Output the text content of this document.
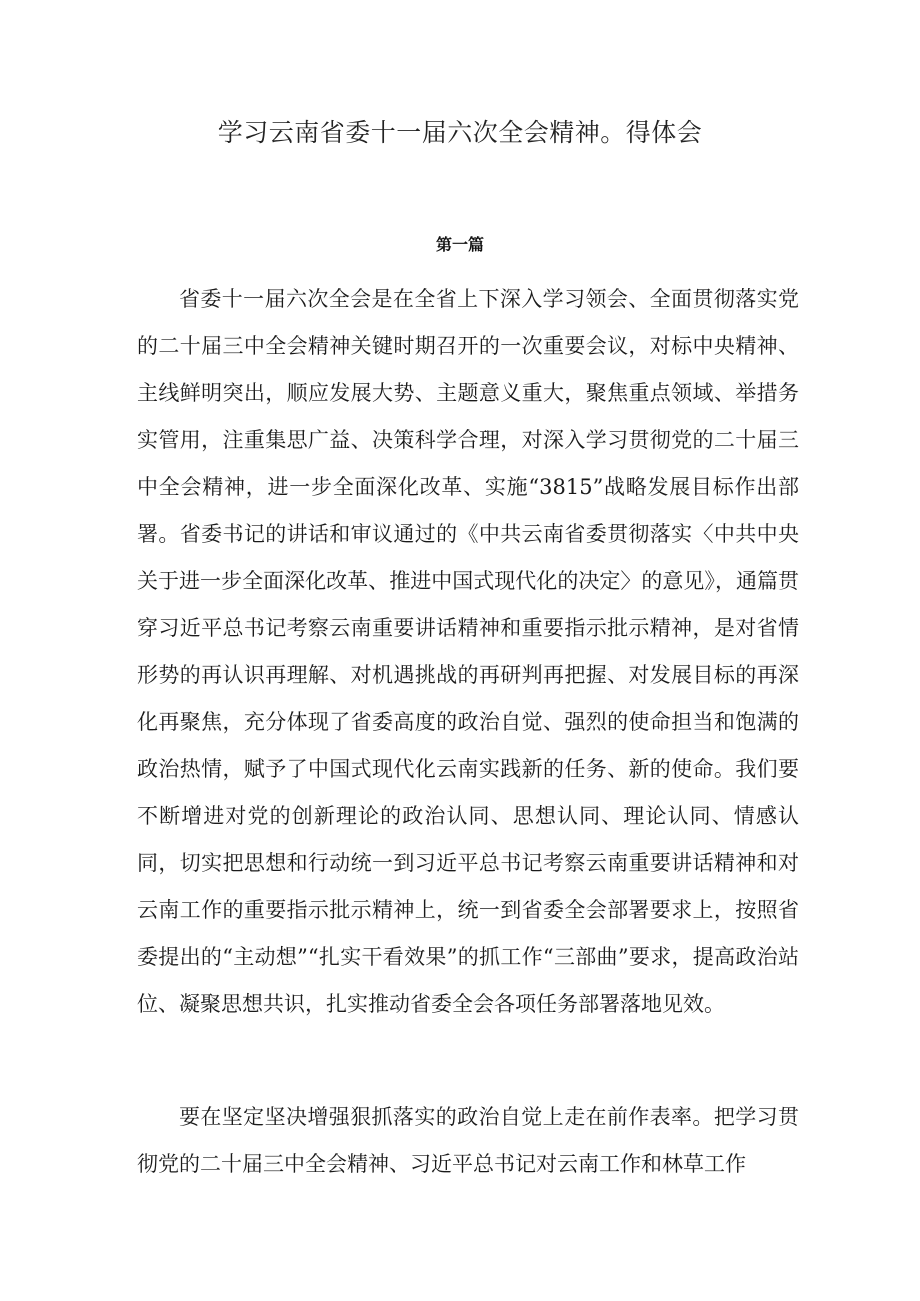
学习云南省委十一届六次全会精神。得体会
第一篇

省委十一届六次全会是在全省上下深入学习领会、全面贯彻落实党的二十届三中全会精神关键时期召开的一次重要会议，对标中央精神、主线鲜明突出，顺应发展大势、主题意义重大，聚焦重点领域、举措务实管用，注重集思广益、决策科学合理，对深入学习贯彻党的二十届三中全会精神，进一步全面深化改革、实施“3815”战略发展目标作出部署。省委书记的讲话和审议通过的《中共云南省委贯彻落实〈中共中央关于进一步全面深化改革、推进中国式现代化的决定〉的意见》，通篇贯穿习近平总书记考察云南重要讲话精神和重要指示批示精神，是对省情形势的再认识再理解、对机遇挑战的再研判再把握、对发展目标的再深化再聚焦，充分体现了省委高度的政治自觉、强烈的使命担当和饱满的政治热情，赋予了中国式现代化云南实践新的任务、新的使命。我们要不断增进对党的创新理论的政治认同、思想认同、理论认同、情感认同，切实把思想和行动统一到习近平总书记考察云南重要讲话精神和对云南工作的重要指示批示精神上，统一到省委全会部署要求上，按照省委提出的“主动想”“扎实干看效果”的抓工作“三部曲”要求，提高政治站位、凝聚思想共识，扎实推动省委全会各项任务部署落地见效。

要在坚定坚决增强狠抓落实的政治自觉上走在前作表率。把学习贯彻党的二十届三中全会精神、习近平总书记对云南工作和林草工作
